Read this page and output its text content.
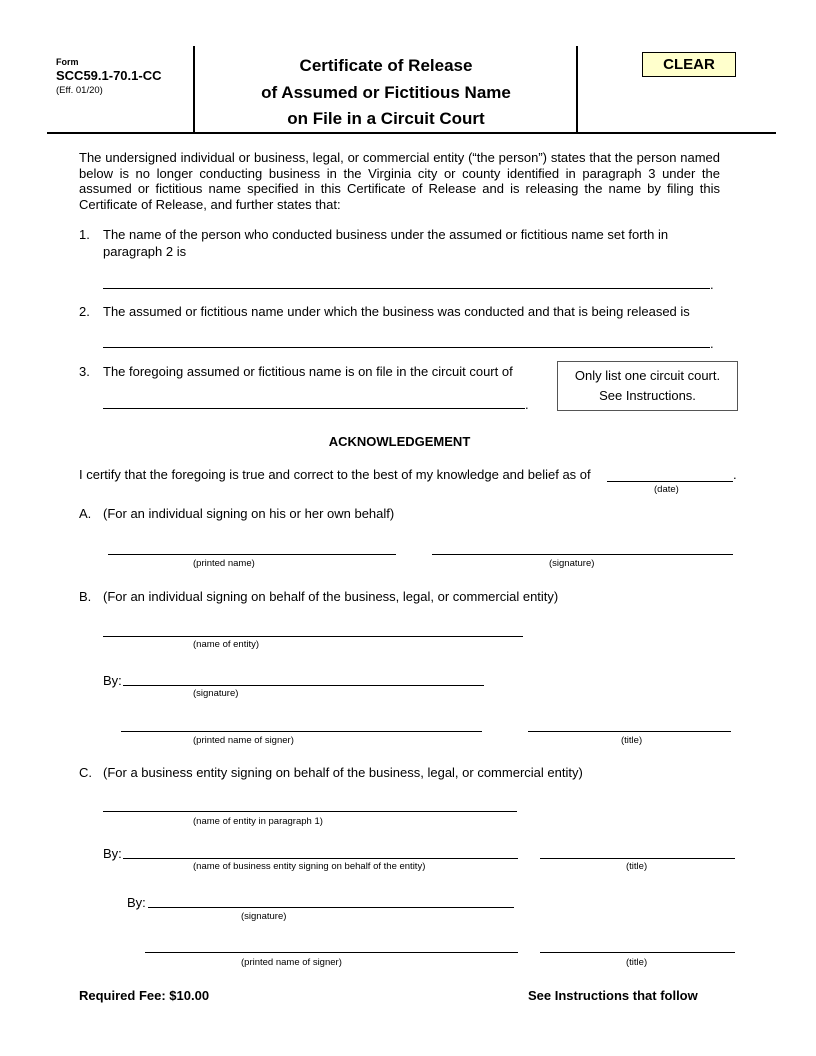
Form
SCC59.1-70.1-CC
(Eff. 01/20)
Certificate of Release
of Assumed or Fictitious Name
on File in a Circuit Court
CLEAR
The undersigned individual or business, legal, or commercial entity (“the person”) states that the person named below is no longer conducting business in the Virginia city or county identified in paragraph 3 under the assumed or fictitious name specified in this Certificate of Release and is releasing the name by filing this Certificate of Release, and further states that:
1. The name of the person who conducted business under the assumed or fictitious name set forth in
paragraph 2 is
.
2. The assumed or fictitious name under which the business was conducted and that is being released is
.
3. The foregoing assumed or fictitious name is on file in the circuit court of
.
Only list one circuit court.
See Instructions.
ACKNOWLEDGEMENT
I certify that the foregoing is true and correct to the best of my knowledge and belief as of	.
(date)
A. (For an individual signing on his or her own behalf)
(printed name)	(signature)
B. (For an individual signing on behalf of the business, legal, or commercial entity)
(name of entity)
By:
(signature)
(printed name of signer)	(title)
C. (For a business entity signing on behalf of the business, legal, or commercial entity)
(name of entity in paragraph 1)
By:
(name of business entity signing on behalf of the entity)	(title)
By:
(signature)
(printed name of signer)	(title)
Required Fee: $10.00	See Instructions that follow
